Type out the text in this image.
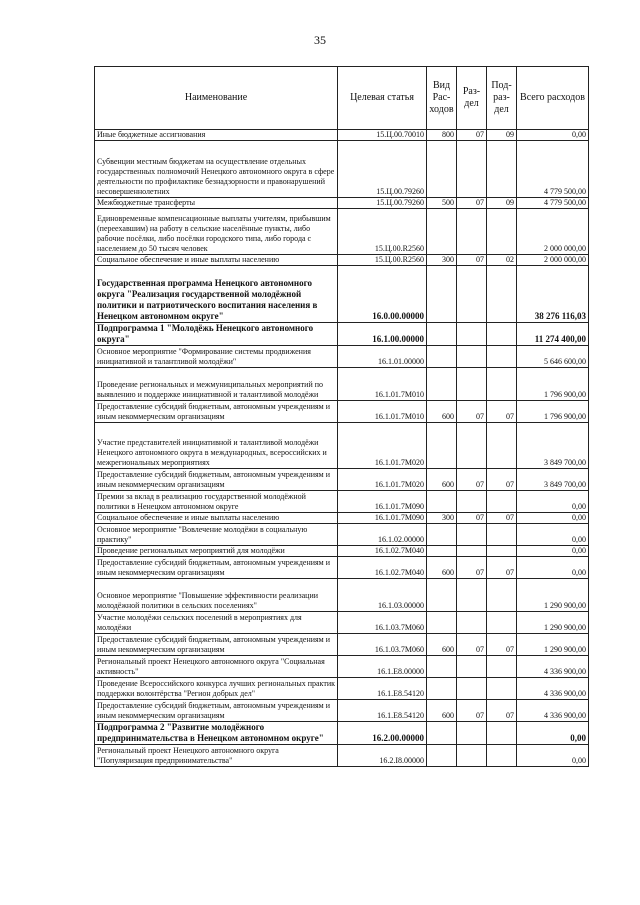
35
Наименование	Целевая статья	Вид Рас-ходов	Раз-дел	Под-раз-дел	Всего расходов
Иные бюджетные ассигнования	15.Ц.00.70010	800	07	09	0,00
Субвенции местным бюджетам на осуществление отдельных государственных полномочий Ненецкого автономного округа в сфере деятельности по профилактике безнадзорности и правонарушений несовершеннолетних	15.Ц.00.79260				4 779 500,00
Межбюджетные трансферты	15.Ц.00.79260	500	07	09	4 779 500,00
Единовременные компенсационные выплаты учителям, прибывшим (переехавшим) на работу в сельские населённые пункты, либо рабочие посёлки, либо посёлки городского типа, либо города с населением до 50 тысяч человек	15.Ц.00.R2560				2 000 000,00
Социальное обеспечение и иные выплаты населению	15.Ц.00.R2560	300	07	02	2 000 000,00
Государственная программа Ненецкого автономного округа "Реализация государственной молодёжной политики и патриотического воспитания населения в Ненецком автономном округе"	16.0.00.00000				38 276 116,03
Подпрограмма 1 "Молодёжь Ненецкого автономного округа"	16.1.00.00000				11 274 400,00
Основное мероприятие "Формирование системы продвижения инициативной и талантливой молодёжи"	16.1.01.00000				5 646 600,00
Проведение региональных и межмуниципальных мероприятий по выявлению и поддержке инициативной и талантливой молодёжи	16.1.01.7М010				1 796 900,00
Предоставление субсидий бюджетным, автономным учреждениям и иным некоммерческим организациям	16.1.01.7М010	600	07	07	1 796 900,00
Участие представителей инициативной и талантливой молодёжи Ненецкого автономного округа в международных, всероссийских и межрегиональных мероприятиях	16.1.01.7М020				3 849 700,00
Предоставление субсидий бюджетным, автономным учреждениям и иным некоммерческим организациям	16.1.01.7М020	600	07	07	3 849 700,00
Премии за вклад в реализацию государственной молодёжной политики в Ненецком автономном округе	16.1.01.7М090				0,00
Социальное обеспечение и иные выплаты населению	16.1.01.7М090	300	07	07	0,00
Основное мероприятие "Вовлечение молодёжи в социальную практику"	16.1.02.00000				0,00
Проведение региональных мероприятий для молодёжи	16.1.02.7М040				0,00
Предоставление субсидий бюджетным, автономным учреждениям и иным некоммерческим организациям	16.1.02.7М040	600	07	07	0,00
Основное мероприятие "Повышение эффективности реализации молодёжной политики в сельских поселениях"	16.1.03.00000				1 290 900,00
Участие молодёжи сельских поселений в мероприятиях для молодёжи	16.1.03.7М060				1 290 900,00
Предоставление субсидий бюджетным, автономным учреждениям и иным некоммерческим организациям	16.1.03.7М060	600	07	07	1 290 900,00
Региональный проект Ненецкого автономного округа "Социальная активность"	16.1.Е8.00000				4 336 900,00
Проведение Всероссийского конкурса лучших региональных практик поддержки волонтёрства "Регион добрых дел"	16.1.Е8.54120				4 336 900,00
Предоставление субсидий бюджетным, автономным учреждениям и иным некоммерческим организациям	16.1.Е8.54120	600	07	07	4 336 900,00
Подпрограмма 2 "Развитие молодёжного предпринимательства в Ненецком автономном округе"	16.2.00.00000				0,00
Региональный проект Ненецкого автономного округа "Популяризация предпринимательства"	16.2.I8.00000				0,00
